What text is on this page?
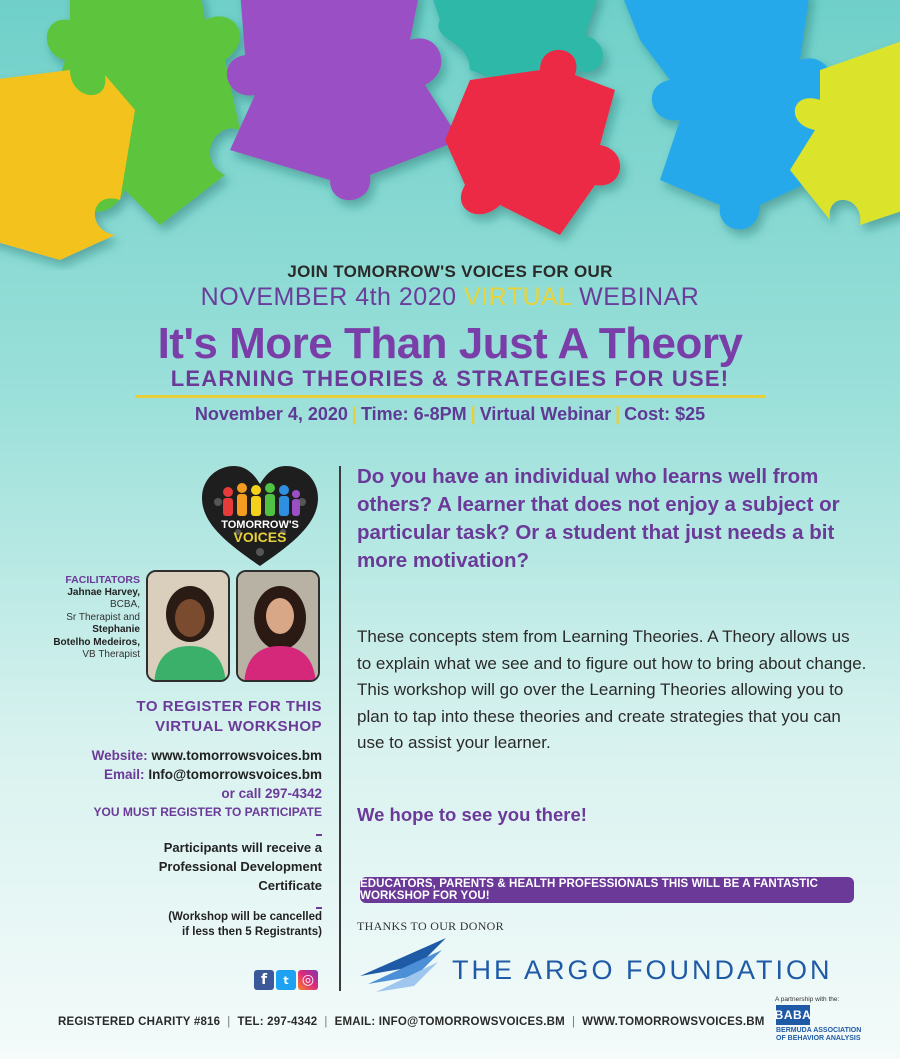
JOIN TOMORROW'S VOICES FOR OUR
NOVEMBER 4th 2020 VIRTUAL WEBINAR
It's More Than Just A Theory
LEARNING THEORIES & STRATEGIES FOR USE!
November 4, 2020 | Time: 6-8PM | Virtual Webinar | Cost: $25
TOMORROW'S
VOICES
FACILITATORS
Jahnae Harvey,
BCBA,
Sr Therapist and
Stephanie
Botelho Medeiros,
VB Therapist
TO REGISTER FOR THIS
VIRTUAL WORKSHOP
Website: www.tomorrowsvoices.bm
Email: Info@tomorrowsvoices.bm
or call 297-4342
YOU MUST REGISTER TO PARTICIPATE
Participants will receive a
Professional Development
Certificate
(Workshop will be cancelled
if less then 5 Registrants)
f	t ◎
Do you have an individual who learns well from others? A learner that does not enjoy a subject or particular task? Or a student that just needs a bit more motivation?
These concepts stem from Learning Theories. A Theory allows us to explain what we see and to figure out how to bring about change. This workshop will go over the Learning Theories allowing you to plan to tap into these theories and create strategies that you can use to assist your learner.
We hope to see you there!
EDUCATORS, PARENTS & HEALTH PROFESSIONALS THIS WILL BE A FANTASTIC WORKSHOP FOR YOU!
THANKS TO OUR DONOR
THE ARGO FOUNDATION
REGISTERED CHARITY #816 | TEL: 297-4342 | EMAIL: INFO@TOMORROWSVOICES.BM | WWW.TOMORROWSVOICES.BM
A partnership with the:
BABA
BERMUDA ASSOCIATION
OF BEHAVIOR ANALYSIS
